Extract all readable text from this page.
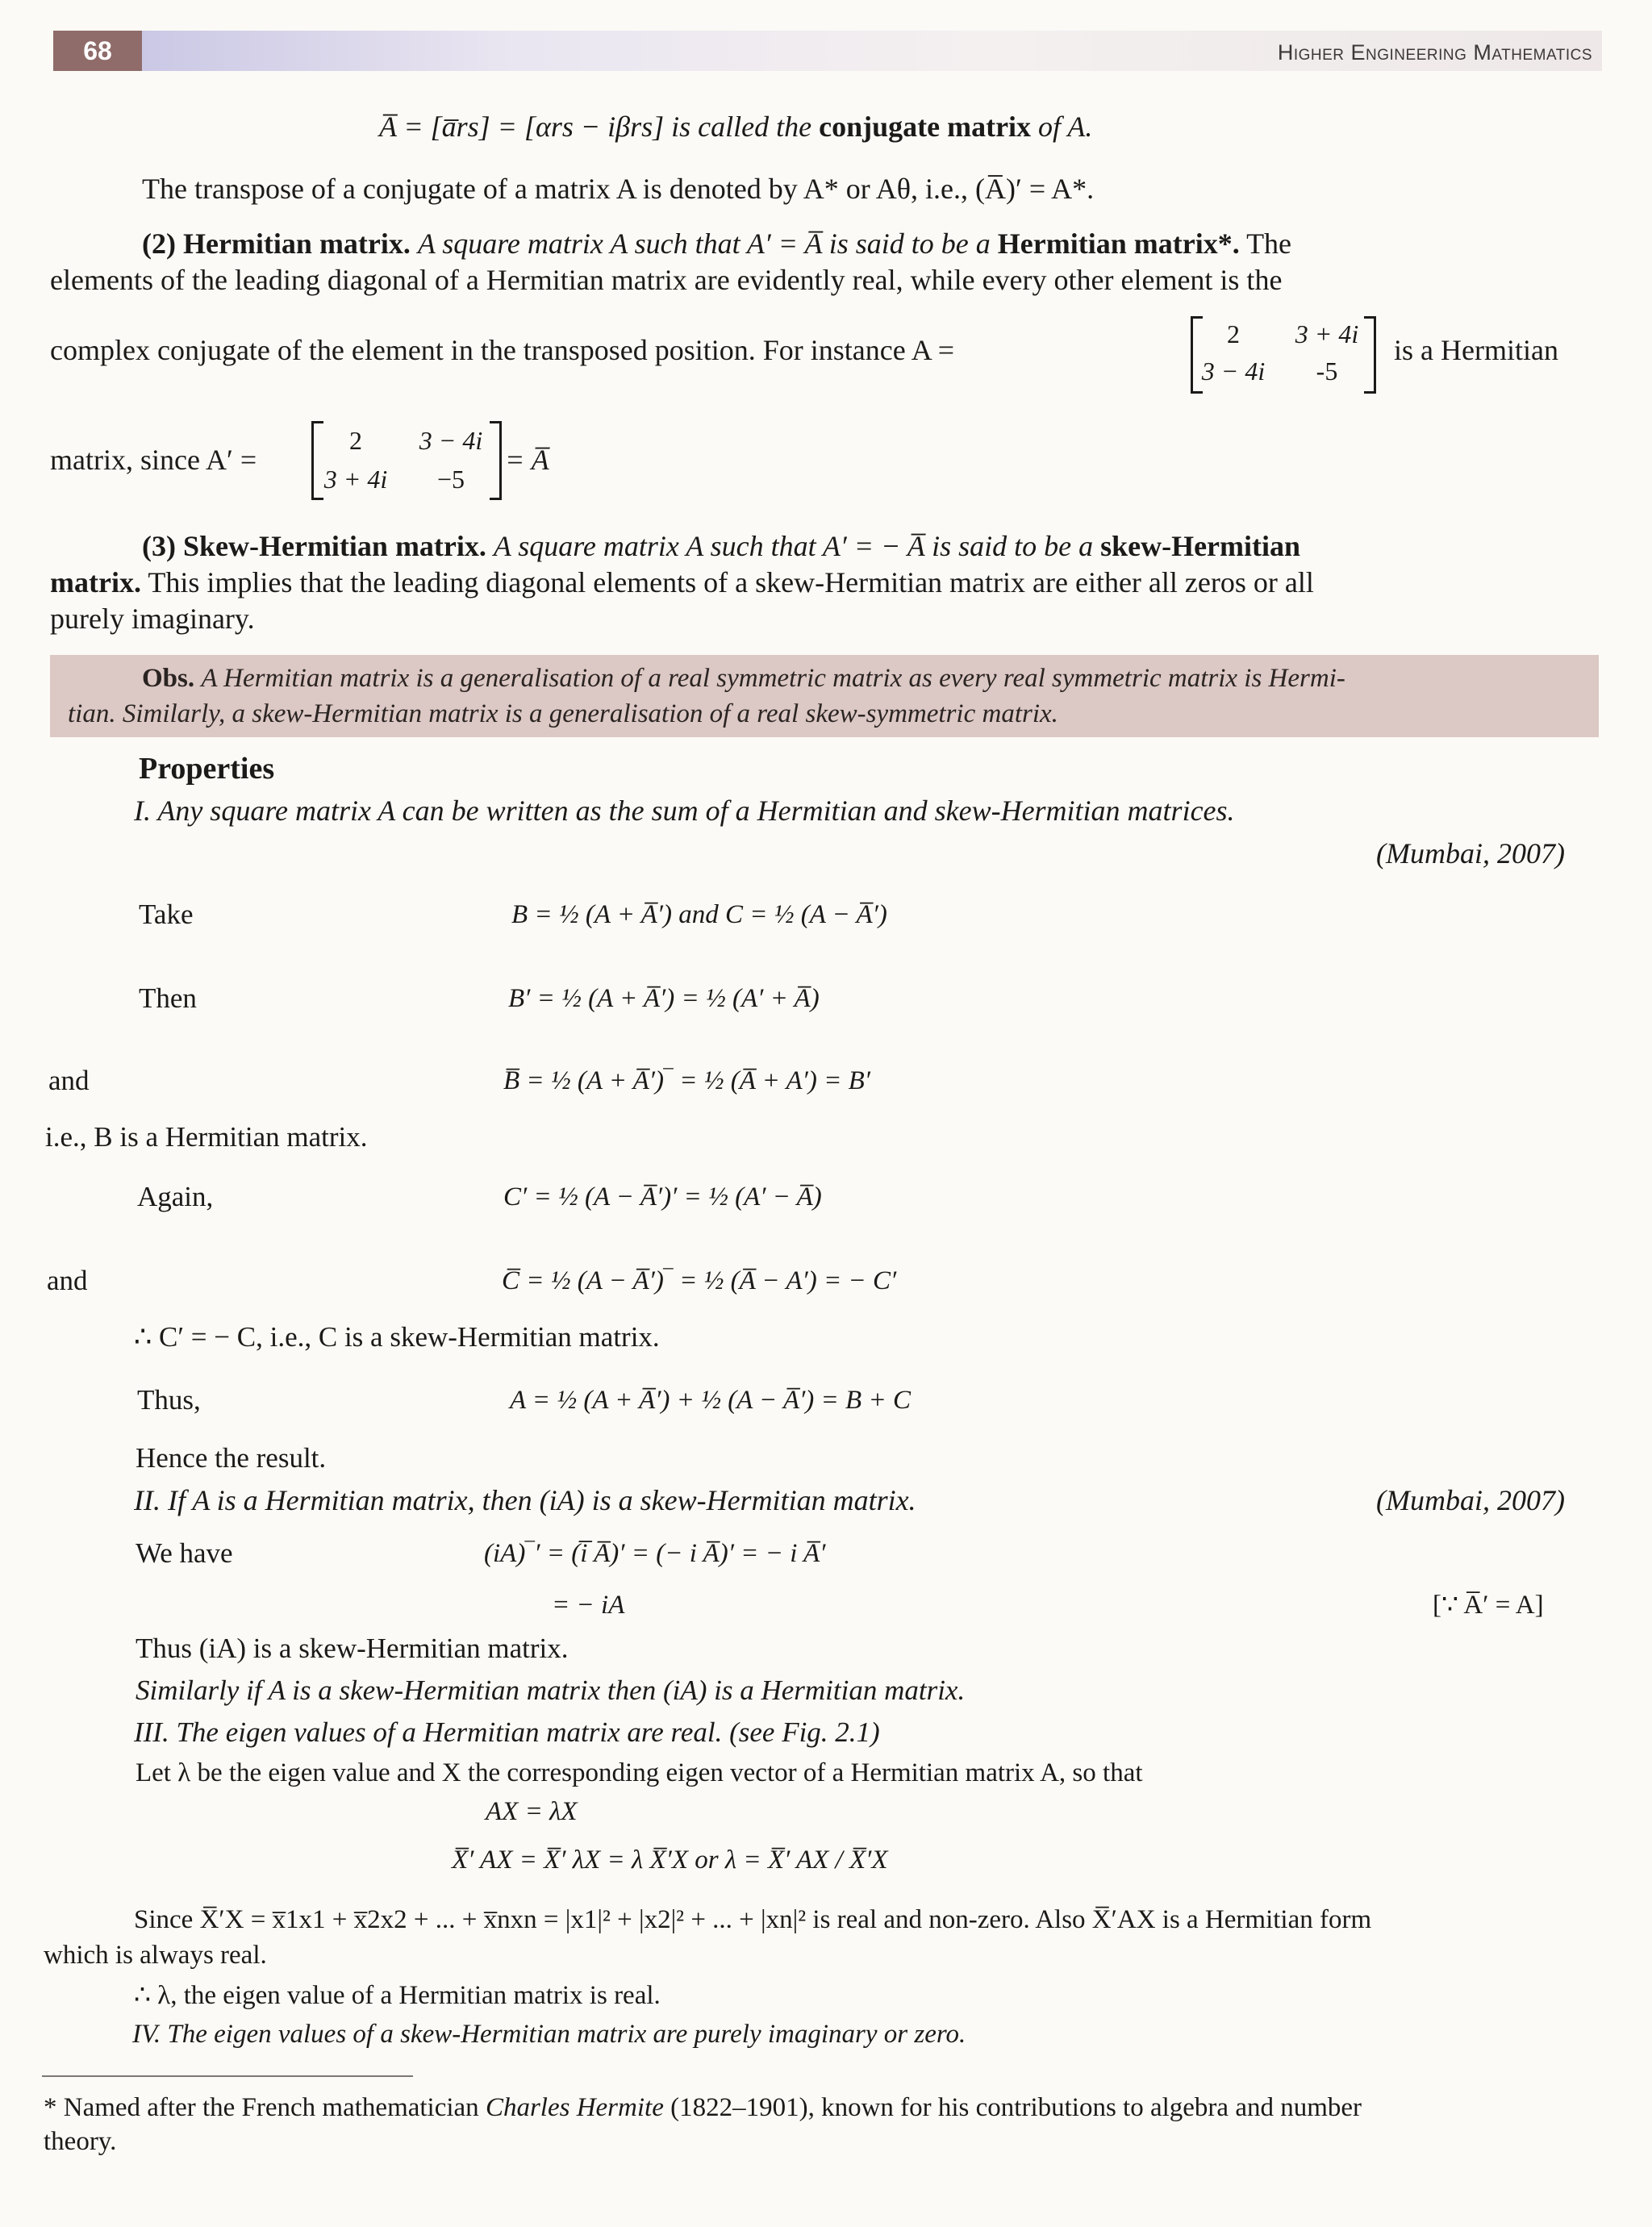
68	Higher Engineering Mathematics
A̅ = [a̅rs] = [αrs − iβrs] is called the conjugate matrix of A.
The transpose of a conjugate of a matrix A is denoted by A* or Aθ, i.e., (A̅)′ = A*.
(2) Hermitian matrix. A square matrix A such that A′ = A̅ is said to be a Hermitian matrix*. The
elements of the leading diagonal of a Hermitian matrix are evidently real, while every other element is the
complex conjugate of the element in the transposed position. For instance A =	2	3 + 4i
3 − 4i	-5
is a Hermitian
matrix, since A′ =
2	3 − 4i
3 + 4i	−5
= A̅
(3) Skew-Hermitian matrix. A square matrix A such that A′ = − A̅ is said to be a skew-Hermitian
matrix. This implies that the leading diagonal elements of a skew-Hermitian matrix are either all zeros or all
purely imaginary.
Obs. A Hermitian matrix is a generalisation of a real symmetric matrix as every real symmetric matrix is Hermi-
tian. Similarly, a skew-Hermitian matrix is a generalisation of a real skew-symmetric matrix.
Properties
I. Any square matrix A can be written as the sum of a Hermitian and skew-Hermitian matrices.
(Mumbai, 2007)
Take	B = ½ (A + A̅′) and C = ½ (A − A̅′)
Then	B′ = ½ (A + A̅′) = ½ (A′ + A̅)
and	B̅ = ½ (A + A̅′)‾ = ½ (A̅ + A′) = B′
i.e., B is a Hermitian matrix.
Again,	C′ = ½ (A − A̅′)′ = ½ (A′ − A̅)
and	C̅ = ½ (A − A̅′)‾ = ½ (A̅ − A′) = − C′
∴ C′ = − C, i.e., C is a skew-Hermitian matrix.
Thus,	A = ½ (A + A̅′) + ½ (A − A̅′) = B + C
Hence the result.
II. If A is a Hermitian matrix, then (iA) is a skew-Hermitian matrix.	(Mumbai, 2007)
We have	(iA)‾′ = (i̅ A̅)′ = (− i A̅)′ = − i A̅′
= − iA	[∵ A̅′ = A]
Thus (iA) is a skew-Hermitian matrix.
Similarly if A is a skew-Hermitian matrix then (iA) is a Hermitian matrix.
III. The eigen values of a Hermitian matrix are real. (see Fig. 2.1)
Let λ be the eigen value and X the corresponding eigen vector of a Hermitian matrix A, so that
AX = λX
X̅′ AX = X̅′ λX = λ X̅′X or λ = X̅′ AX / X̅′X
Since X̅′X = x̅1x1 + x̅2x2 + ... + x̅nxn = |x1|² + |x2|² + ... + |xn|² is real and non-zero. Also X̅′AX is a Hermitian form
which is always real.
∴ λ, the eigen value of a Hermitian matrix is real.
IV. The eigen values of a skew-Hermitian matrix are purely imaginary or zero.
* Named after the French mathematician Charles Hermite (1822–1901), known for his contributions to algebra and number
theory.
